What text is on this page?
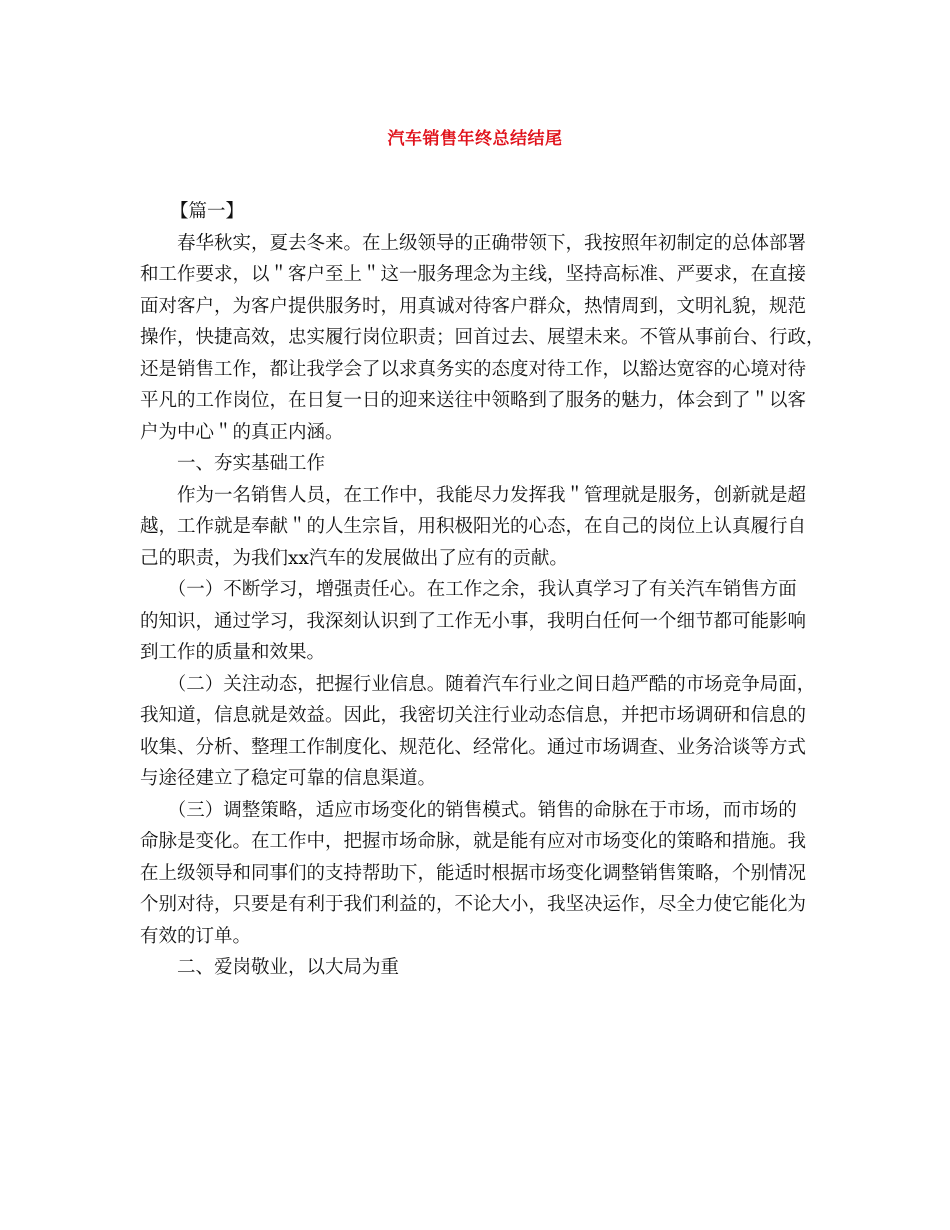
汽车销售年终总结结尾

【篇一】

　　春华秋实，夏去冬来。在上级领导的正确带领下，我按照年初制定的总体部署

和工作要求，以＂客户至上＂这一服务理念为主线，坚持高标准、严要求，在直接

面对客户，为客户提供服务时，用真诚对待客户群众，热情周到，文明礼貌，规范

操作，快捷高效，忠实履行岗位职责；回首过去、展望未来。不管从事前台、行政，

还是销售工作，都让我学会了以求真务实的态度对待工作，以豁达宽容的心境对待

平凡的工作岗位，在日复一日的迎来送往中领略到了服务的魅力，体会到了＂以客

户为中心＂的真正内涵。

　　一、夯实基础工作

　　作为一名销售人员，在工作中，我能尽力发挥我＂管理就是服务，创新就是超

越，工作就是奉献＂的人生宗旨，用积极阳光的心态，在自己的岗位上认真履行自

己的职责，为我们xx汽车的发展做出了应有的贡献。

　　（一）不断学习，增强责任心。在工作之余，我认真学习了有关汽车销售方面

的知识，通过学习，我深刻认识到了工作无小事，我明白任何一个细节都可能影响

到工作的质量和效果。

　　（二）关注动态，把握行业信息。随着汽车行业之间日趋严酷的市场竞争局面，

我知道，信息就是效益。因此，我密切关注行业动态信息，并把市场调研和信息的

收集、分析、整理工作制度化、规范化、经常化。通过市场调查、业务洽谈等方式

与途径建立了稳定可靠的信息渠道。

　　（三）调整策略，适应市场变化的销售模式。销售的命脉在于市场，而市场的

命脉是变化。在工作中，把握市场命脉，就是能有应对市场变化的策略和措施。我

在上级领导和同事们的支持帮助下，能适时根据市场变化调整销售策略，个别情况

个别对待，只要是有利于我们利益的，不论大小，我坚决运作，尽全力使它能化为

有效的订单。

　　二、爱岗敬业，以大局为重
